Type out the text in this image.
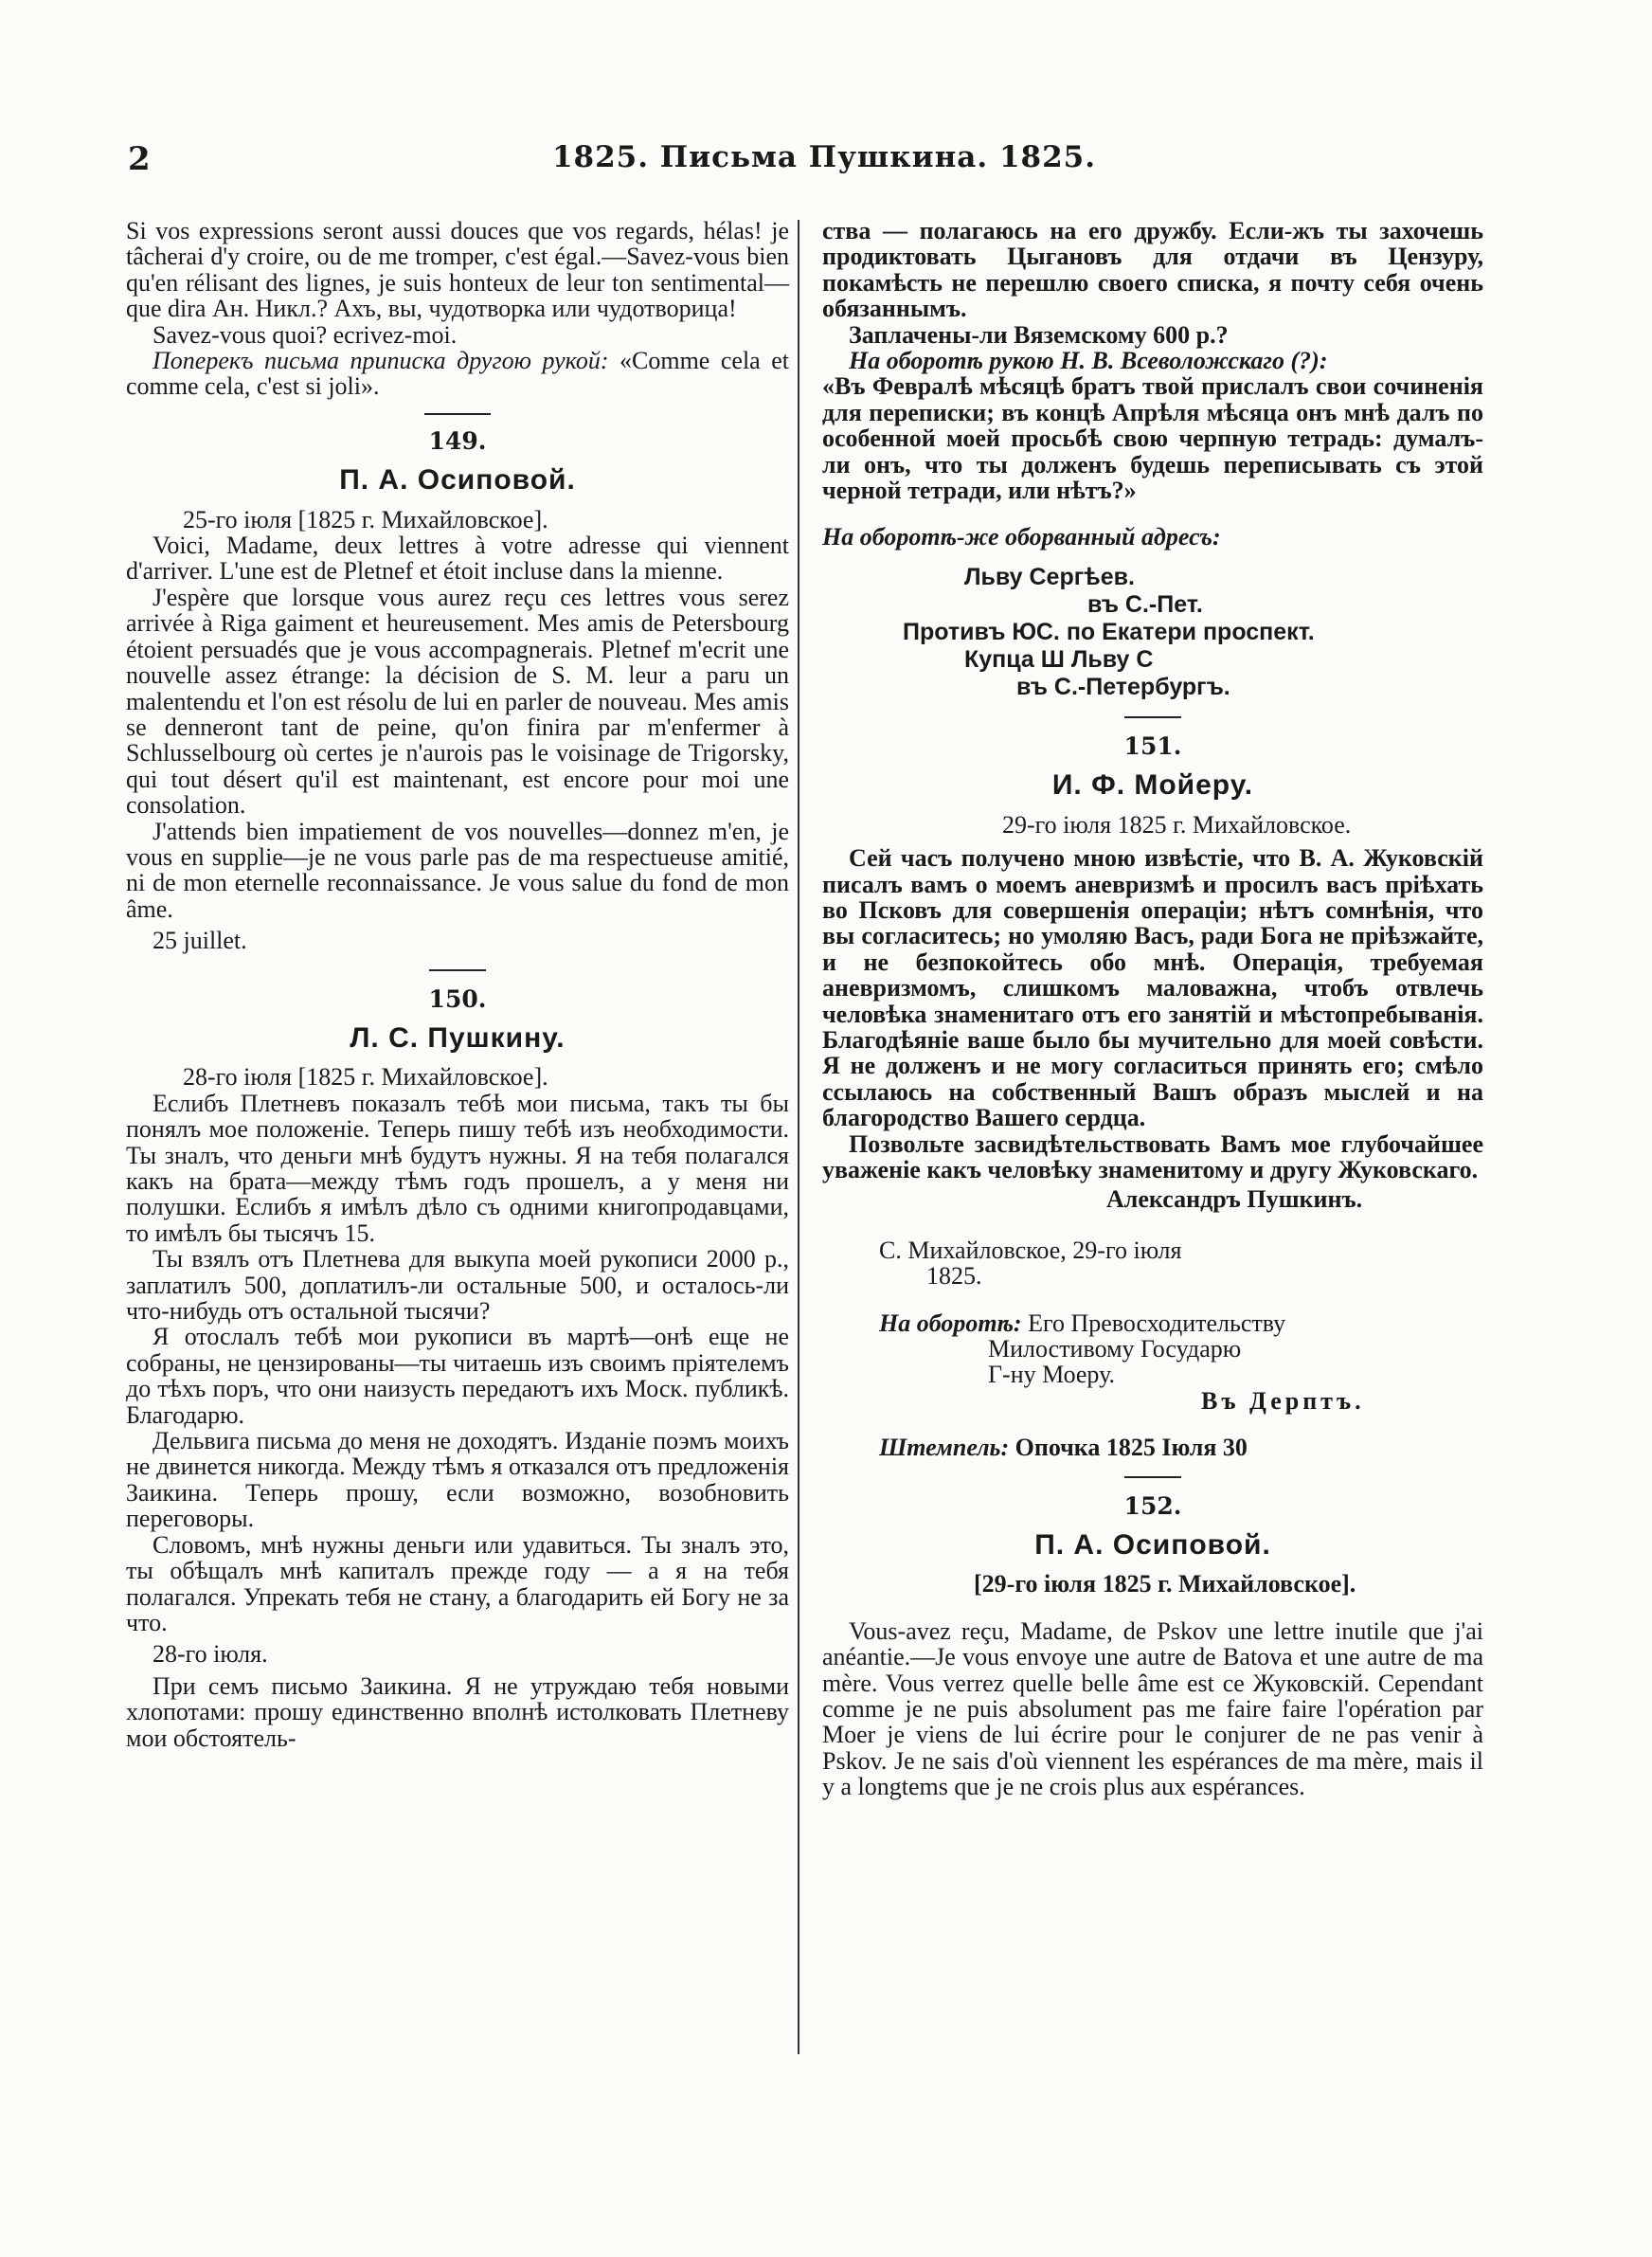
2	1825. Письма Пушкина. 1825.

Si vos expressions seront aussi douces que vos regards, hélas! je tâcherai d'y croire, ou de me tromper, c'est égal.—Savez-vous bien qu'en rélisant des lignes, je suis honteux de leur ton sentimental—que dira Ан. Никл.? Ахъ, вы, чудотворка или чудотворица!

Savez-vous quoi? ecrivez-moi.

Поперекъ письма приписка другою рукой: «Comme cela et comme cela, c'est si joli».

149.

П. А. Осиповой.

25-го іюля [1825 г. Михайловское].

Voici, Madame, deux lettres à votre adresse qui viennent d'arriver. L'une est de Pletnef et étoit incluse dans la mienne.

J'espère que lorsque vous aurez reçu ces lettres vous serez arrivée à Riga gaiment et heureusement. Mes amis de Petersbourg étoient persuadés que je vous accompagnerais. Pletnef m'ecrit une nouvelle assez étrange: la décision de S. M. leur a paru un malentendu et l'on est résolu de lui en parler de nouveau. Mes amis se denneront tant de peine, qu'on finira par m'enfermer à Schlusselbourg où certes je n'aurois pas le voisinage de Trigorsky, qui tout désert qu'il est maintenant, est encore pour moi une consolation.

J'attends bien impatiement de vos nouvelles—donnez m'en, je vous en supplie—je ne vous parle pas de ma respectueuse amitié, ni de mon eternelle reconnaissance. Je vous salue du fond de mon âme.

25 juillet.

150.

Л. С. Пушкину.

28-го іюля [1825 г. Михайловское].

Еслибъ Плетневъ показалъ тебѣ мои письма, такъ ты бы понялъ мое положеніе. Теперь пишу тебѣ изъ необходимости. Ты зналъ, что деньги мнѣ будутъ нужны. Я на тебя полагался какъ на брата—между тѣмъ годъ прошелъ, а у меня ни полушки. Еслибъ я имѣлъ дѣло съ одними книгопродавцами, то имѣлъ бы тысячъ 15.

Ты взялъ отъ Плетнева для выкупа моей рукописи 2000 р., заплатилъ 500, доплатилъ-ли остальные 500, и осталось-ли что-нибудь отъ остальной тысячи?

Я отослалъ тебѣ мои рукописи въ мартѣ—онѣ еще не собраны, не цензированы—ты читаешь изъ своимъ пріятелемъ до тѣхъ поръ, что они наизусть передаютъ ихъ Моск. публикѣ. Благодарю.

Дельвига письма до меня не доходятъ. Изданіе поэмъ моихъ не двинется никогда. Между тѣмъ я отказался отъ предложенія Заикина. Теперь прошу, если возможно, возобновить переговоры.

Словомъ, мнѣ нужны деньги или удавиться. Ты зналъ это, ты обѣщалъ мнѣ капиталъ прежде году — а я на тебя полагался. Упрекать тебя не стану, а благодарить ей Богу не за что.

28-го іюля.

При семъ письмо Заикина. Я не утруждаю тебя новыми хлопотами: прошу единственно вполнѣ истолковать Плетневу мои обстоятель-

ства — полагаюсь на его дружбу. Если-жъ ты захочешь продиктовать Цыгановъ для отдачи въ Цензуру, покамѣсть не перешлю своего списка, я почту себя очень обязаннымъ.

Заплачены-ли Вяземскому 600 р.?

На оборотѣ рукою Н. В. Всеволожскаго (?):

«Въ Февралѣ мѣсяцѣ братъ твой прислалъ свои сочиненія для переписки; въ концѣ Апрѣля мѣсяца онъ мнѣ далъ по особенной моей просьбѣ свою черпную тетрадь: думалъ-ли онъ, что ты долженъ будешь переписывать съ этой черной тетради, или нѣтъ?»

На оборотѣ-же оборванный адресъ:

Льву Сергѣев.

въ С.-Пет.

Противъ ЮС. по Екатери проспект.

Купца Ш Льву С

въ С.-Петербургъ.

151.

И. Ф. Мойеру.

29-го іюля 1825 г. Михайловское.

Сей часъ получено мною извѣстіе, что В. А. Жуковскій писалъ вамъ о моемъ аневризмѣ и просилъ васъ пріѣхать во Псковъ для совершенія операціи; нѣтъ сомнѣнія, что вы согласитесь; но умоляю Васъ, ради Бога не пріѣзжайте, и не безпокойтесь обо мнѣ. Операція, требуемая аневризмомъ, слишкомъ маловажна, чтобъ отвлечь человѣка знаменитаго отъ его занятій и мѣстопребыванія. Благодѣяніе ваше было бы мучительно для моей совѣсти. Я не долженъ и не могу согласиться принять его; смѣло ссылаюсь на собственный Вашъ образъ мыслей и на благородство Вашего сердца.

Позвольте засвидѣтельствовать Вамъ мое глубочайшее уваженіе какъ человѣку знаменитому и другу Жуковскаго.

Александръ Пушкинъ.

С. Михайловское, 29-го іюля

1825.

На оборотѣ: Его Превосходительству

Милостивому Государю

Г-ну Моеру.

Въ Дерптъ.

Штемпель: Опочка 1825 Іюля 30

152.

П. А. Осиповой.

[29-го іюля 1825 г. Михайловское].

Vous-avez reçu, Madame, de Pskov une lettre inutile que j'ai anéantie.—Je vous envoye une autre de Batova et une autre de ma mère. Vous verrez quelle belle âme est ce Жуковскій. Cependant comme je ne puis absolument pas me faire faire l'opération par Moer je viens de lui écrire pour le conjurer de ne pas venir à Pskov. Je ne sais d'où viennent les espérances de ma mère, mais il y a longtems que je ne crois plus aux espérances.
